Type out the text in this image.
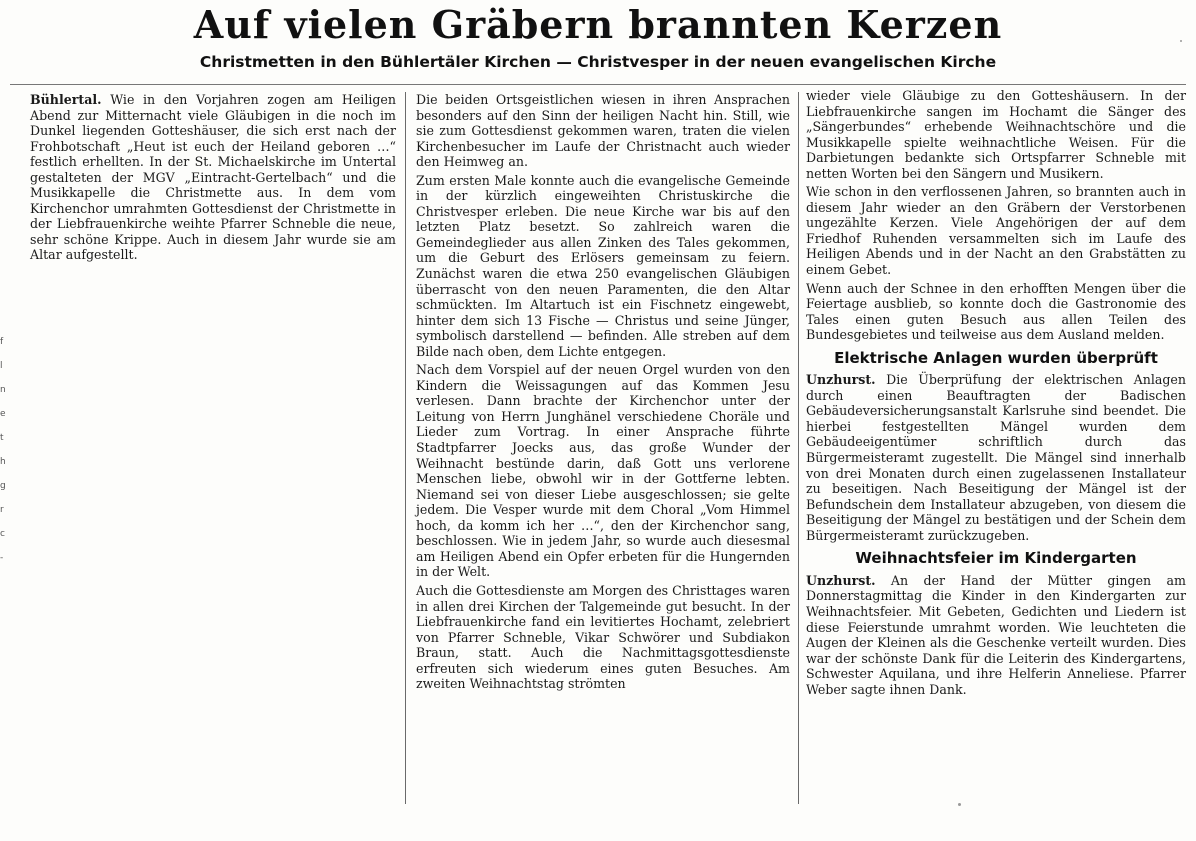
Auf vielen Gräbern brannten Kerzen
Christmetten in den Bühlertäler Kirchen — Christvesper in der neuen evangelischen Kirche

Bühlertal. Wie in den Vorjahren zogen am Heiligen Abend zur Mitternacht viele Gläubigen in die noch im Dunkel liegenden Gotteshäuser, die sich erst nach der Frohbotschaft „Heut ist euch der Heiland geboren …“ festlich erhellten. In der St. Michaelskirche im Untertal gestalteten der MGV „Eintracht-Gertelbach“ und die Musikkapelle die Christmette aus. In dem vom Kirchenchor umrahmten Gottesdienst der Christmette in der Liebfrauenkirche weihte Pfarrer Schneble die neue, sehr schöne Krippe. Auch in diesem Jahr wurde sie am Altar aufgestellt.

Die beiden Ortsgeistlichen wiesen in ihren Ansprachen besonders auf den Sinn der heiligen Nacht hin. Still, wie sie zum Gottesdienst gekommen waren, traten die vielen Kirchenbesucher im Laufe der Christnacht auch wieder den Heimweg an.

Zum ersten Male konnte auch die evangelische Gemeinde in der kürzlich eingeweihten Christuskirche die Christvesper erleben. Die neue Kirche war bis auf den letzten Platz besetzt. So zahlreich waren die Gemeindeglieder aus allen Zinken des Tales gekommen, um die Geburt des Erlösers gemeinsam zu feiern. Zunächst waren die etwa 250 evangelischen Gläubigen überrascht von den neuen Paramenten, die den Altar schmückten. Im Altartuch ist ein Fischnetz eingewebt, hinter dem sich 13 Fische — Christus und seine Jünger, symbolisch darstellend — befinden. Alle streben auf dem Bilde nach oben, dem Lichte entgegen.

Nach dem Vorspiel auf der neuen Orgel wurden von den Kindern die Weissagungen auf das Kommen Jesu verlesen. Dann brachte der Kirchenchor unter der Leitung von Herrn Junghänel verschiedene Choräle und Lieder zum Vortrag. In einer Ansprache führte Stadtpfarrer Joecks aus, das große Wunder der Weihnacht bestünde darin, daß Gott uns verlorene Menschen liebe, obwohl wir in der Gottferne lebten. Niemand sei von dieser Liebe ausgeschlossen; sie gelte jedem. Die Vesper wurde mit dem Choral „Vom Himmel hoch, da komm ich her …“, den der Kirchenchor sang, beschlossen. Wie in jedem Jahr, so wurde auch diesesmal am Heiligen Abend ein Opfer erbeten für die Hungernden in der Welt.

Auch die Gottesdienste am Morgen des Christtages waren in allen drei Kirchen der Talgemeinde gut besucht. In der Liebfrauenkirche fand ein levitiertes Hochamt, zelebriert von Pfarrer Schneble, Vikar Schwörer und Subdiakon Braun, statt. Auch die Nachmittagsgottesdienste erfreuten sich wiederum eines guten Besuches. Am zweiten Weihnachtstag strömten

wieder viele Gläubige zu den Gotteshäusern. In der Liebfrauenkirche sangen im Hochamt die Sänger des „Sängerbundes“ erhebende Weihnachtschöre und die Musikkapelle spielte weihnachtliche Weisen. Für die Darbietungen bedankte sich Ortspfarrer Schneble mit netten Worten bei den Sängern und Musikern.

Wie schon in den verflossenen Jahren, so brannten auch in diesem Jahr wieder an den Gräbern der Verstorbenen ungezählte Kerzen. Viele Angehörigen der auf dem Friedhof Ruhenden versammelten sich im Laufe des Heiligen Abends und in der Nacht an den Grabstätten zu einem Gebet.

Wenn auch der Schnee in den erhofften Mengen über die Feiertage ausblieb, so konnte doch die Gastronomie des Tales einen guten Besuch aus allen Teilen des Bundesgebietes und teilweise aus dem Ausland melden.

Elektrische Anlagen wurden überprüft

Unzhurst. Die Überprüfung der elektrischen Anlagen durch einen Beauftragten der Badischen Gebäudeversicherungsanstalt Karlsruhe sind beendet. Die hierbei festgestellten Mängel wurden dem Gebäudeeigentümer schriftlich durch das Bürgermeisteramt zugestellt. Die Mängel sind innerhalb von drei Monaten durch einen zugelassenen Installateur zu beseitigen. Nach Beseitigung der Mängel ist der Befundschein dem Installateur abzugeben, von diesem die Beseitigung der Mängel zu bestätigen und der Schein dem Bürgermeisteramt zurückzugeben.

Weihnachtsfeier im Kindergarten

Unzhurst. An der Hand der Mütter gingen am Donnerstagmittag die Kinder in den Kindergarten zur Weihnachtsfeier. Mit Gebeten, Gedichten und Liedern ist diese Feierstunde umrahmt worden. Wie leuchteten die Augen der Kleinen als die Geschenke verteilt wurden. Dies war der schönste Dank für die Leiterin des Kindergartens, Schwester Aquilana, und ihre Helferin Anneliese. Pfarrer Weber sagte ihnen Dank.

f
l
n
e
t
h
g
r
c
-
